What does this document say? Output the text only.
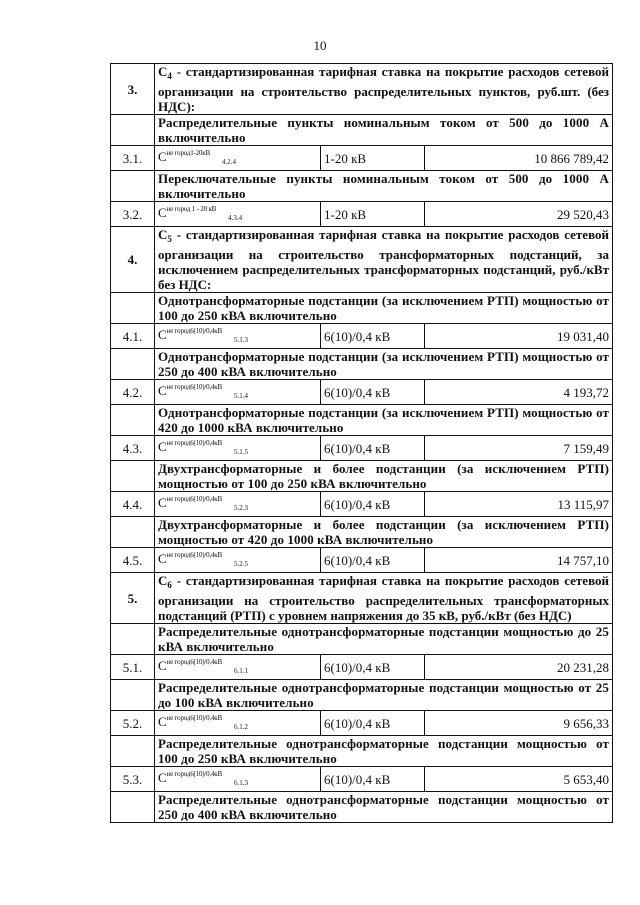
10
3.	$C_4$ - стандартизированная тарифная ставка на покрытие расходов сетевой организации на строительство распределительных пунктов, руб.шт. (без НДС):		
	Распределительные пункты номинальным током от 500 до 1000 А включительно		
3.1.	$C^{не город1-20кВ}_{4.2.4}$	1-20 кВ	10 866 789,42
	Переключательные пункты номинальным током от 500 до 1000 А включительно		
3.2.	$C^{не город 1 - 20 кВ}_{4.3.4}$	1-20 кВ	29 520,43
4.	$C_5$ - стандартизированная тарифная ставка на покрытие расходов сетевой организации на строительство трансформаторных подстанций, за исключением распределительных трансформаторных подстанций, руб./кВт без НДС:		
	Однотрансформаторные подстанции (за исключением РТП) мощностью от 100 до 250 кВА включительно		
4.1.	$C^{не город6(10)/0,4кВ}_{5.1.3}$	6(10)/0,4 кВ	19 031,40
	Однотрансформаторные подстанции (за исключением РТП) мощностью от 250 до 400 кВА включительно		
4.2.	$C^{не город6(10)/0,4кВ}_{5.1.4}$	6(10)/0,4 кВ	4 193,72
	Однотрансформаторные подстанции (за исключением РТП) мощностью от 420 до 1000 кВА включительно		
4.3.	$C^{не город6(10)/0,4кВ}_{5.1.5}$	6(10)/0,4 кВ	7 159,49
	Двухтрансформаторные и более подстанции (за исключением РТП) мощностью от 100 до 250 кВА включительно		
4.4.	$C^{не город6(10)/0,4кВ}_{5.2.3}$	6(10)/0,4 кВ	13 115,97
	Двухтрансформаторные и более подстанции (за исключением РТП) мощностью от 420 до 1000 кВА включительно		
4.5.	$C^{не город6(10)/0,4кВ}_{5.2.5}$	6(10)/0,4 кВ	14 757,10
5.	$C_6$ - стандартизированная тарифная ставка на покрытие расходов сетевой организации на строительство распределительных трансформаторных подстанций (РТП) с уровнем напряжения до 35 кВ, руб./кВт (без НДС)		
	Распределительные однотрансформаторные подстанции мощностью до 25 кВА включительно		
5.1.	$C^{не город6(10)/0,4кВ}_{6.1.1}$	6(10)/0,4 кВ	20 231,28
	Распределительные однотрансформаторные подстанции мощностью от 25 до 100 кВА включительно		
5.2.	$C^{не город6(10)/0,4кВ}_{6.1.2}$	6(10)/0,4 кВ	9 656,33
	Распределительные однотрансформаторные подстанции мощностью от 100 до 250 кВА включительно		
5.3.	$C^{не город6(10)/0,4кВ}_{6.1.3}$	6(10)/0,4 кВ	5 653,40
	Распределительные однотрансформаторные подстанции мощностью от 250 до 400 кВА включительно		
